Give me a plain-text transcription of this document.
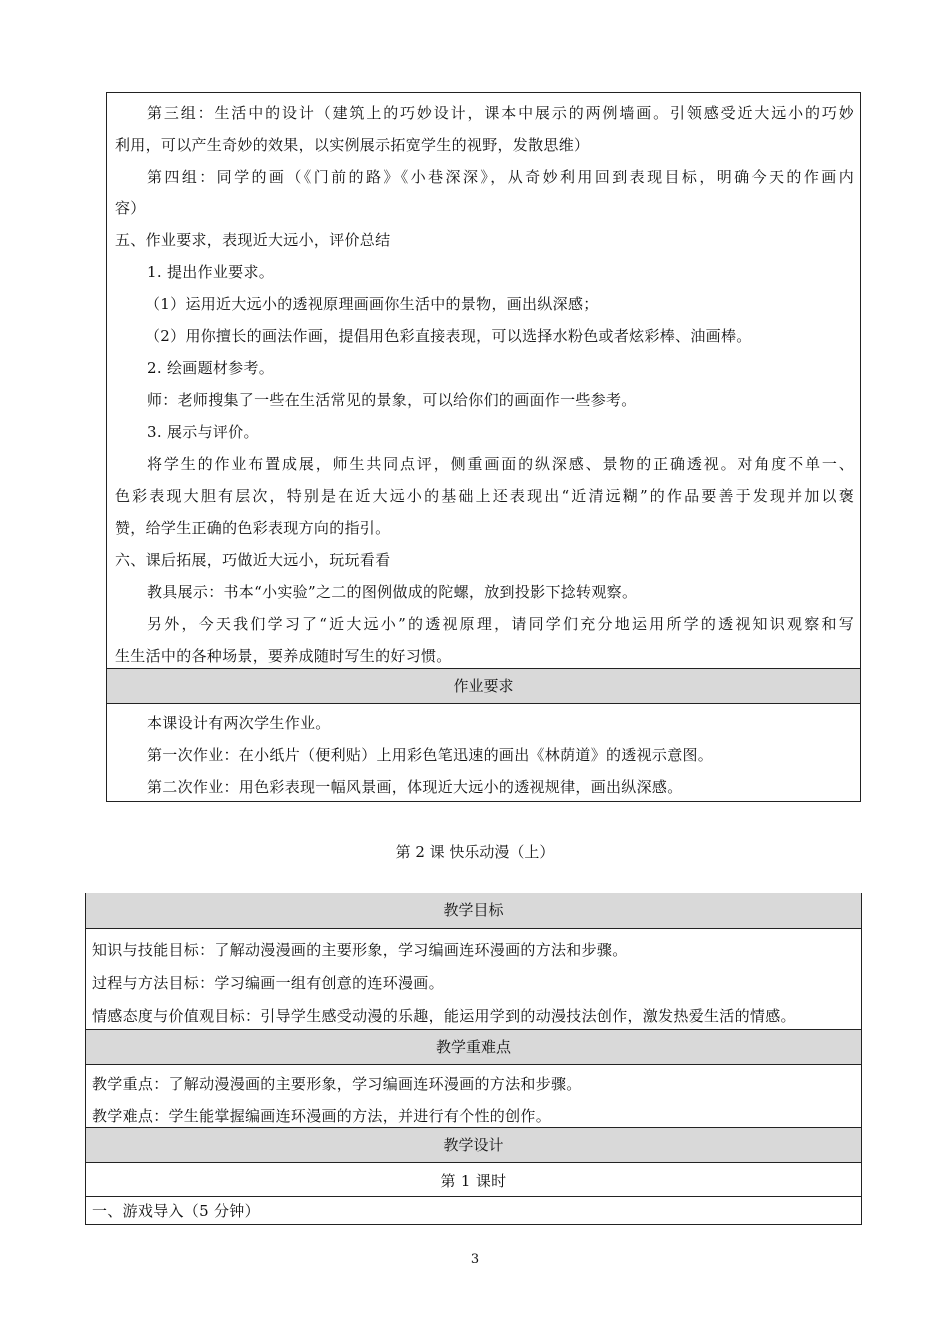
第三组：生活中的设计（建筑上的巧妙设计，课本中展示的两例墙画。引领感受近大远小的巧妙
利用，可以产生奇妙的效果，以实例展示拓宽学生的视野，发散思维）
第四组：同学的画（《门前的路》《小巷深深》，从奇妙利用回到表现目标，明确今天的作画内
容）
五、作业要求，表现近大远小，评价总结
1. 提出作业要求。
（1）运用近大远小的透视原理画画你生活中的景物，画出纵深感；
（2）用你擅长的画法作画，提倡用色彩直接表现，可以选择水粉色或者炫彩棒、油画棒。
2. 绘画题材参考。
师：老师搜集了一些在生活常见的景象，可以给你们的画面作一些参考。
3. 展示与评价。
将学生的作业布置成展，师生共同点评，侧重画面的纵深感、景物的正确透视。对角度不单一、
色彩表现大胆有层次，特别是在近大远小的基础上还表现出“近清远糊”的作品要善于发现并加以褒
赞，给学生正确的色彩表现方向的指引。
六、课后拓展，巧做近大远小，玩玩看看
教具展示：书本“小实验”之二的图例做成的陀螺，放到投影下捻转观察。
另外，今天我们学习了“近大远小”的透视原理，请同学们充分地运用所学的透视知识观察和写
生生活中的各种场景，要养成随时写生的好习惯。
作业要求
本课设计有两次学生作业。
第一次作业：在小纸片（便利贴）上用彩色笔迅速的画出《林荫道》的透视示意图。
第二次作业：用色彩表现一幅风景画，体现近大远小的透视规律，画出纵深感。
第 2 课 快乐动漫（上）
教学目标
知识与技能目标：了解动漫漫画的主要形象，学习编画连环漫画的方法和步骤。
过程与方法目标：学习编画一组有创意的连环漫画。
情感态度与价值观目标：引导学生感受动漫的乐趣，能运用学到的动漫技法创作，激发热爱生活的情感。
教学重难点
教学重点：了解动漫漫画的主要形象，学习编画连环漫画的方法和步骤。
教学难点：学生能掌握编画连环漫画的方法，并进行有个性的创作。
教学设计
第 1 课时
一、游戏导入（5 分钟）
3
